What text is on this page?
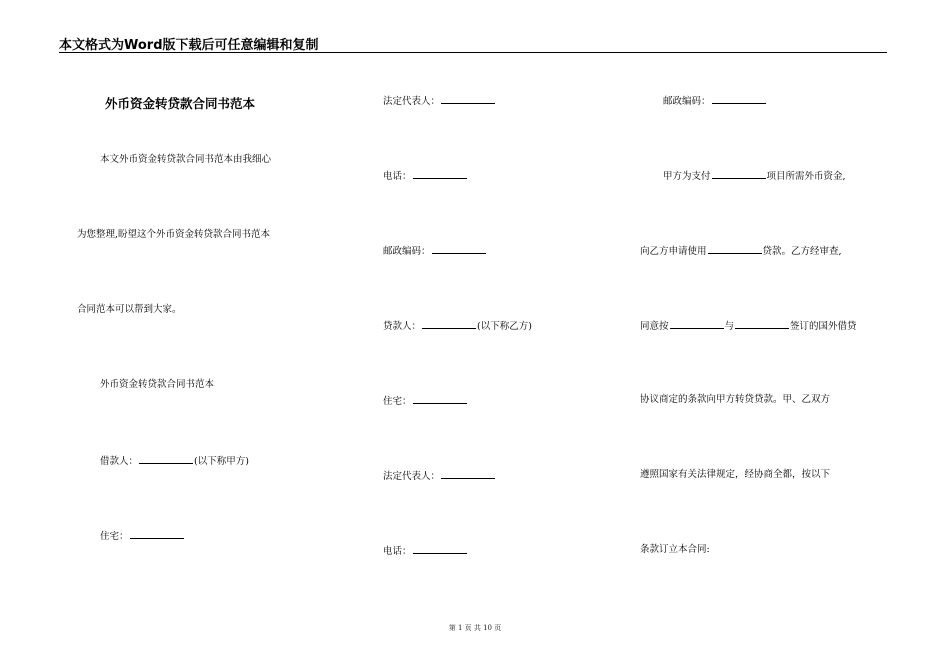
本文格式为Word版下载后可任意编辑和复制
外币资金转贷款合同书范本
本文外币资金转贷款合同书范本由我细心
为您整理,盼望这个外币资金转贷款合同书范本
合同范本可以帮到大家。
外币资金转贷款合同书范本
借款人：	(以下称甲方)
住宅：
法定代表人：
电话：
邮政编码：
贷款人：	(以下称乙方)
住宅：
法定代表人：
电话：
邮政编码：
甲方为支付	项目所需外币资金,
向乙方申请使用	贷款。乙方经审查,
同意按	与	签订的国外借贷
协议商定的条款向甲方转贷贷款。甲、乙双方
遵照国家有关法律规定，经协商全都，按以下
条款订立本合同:
第 1 页 共 10 页
